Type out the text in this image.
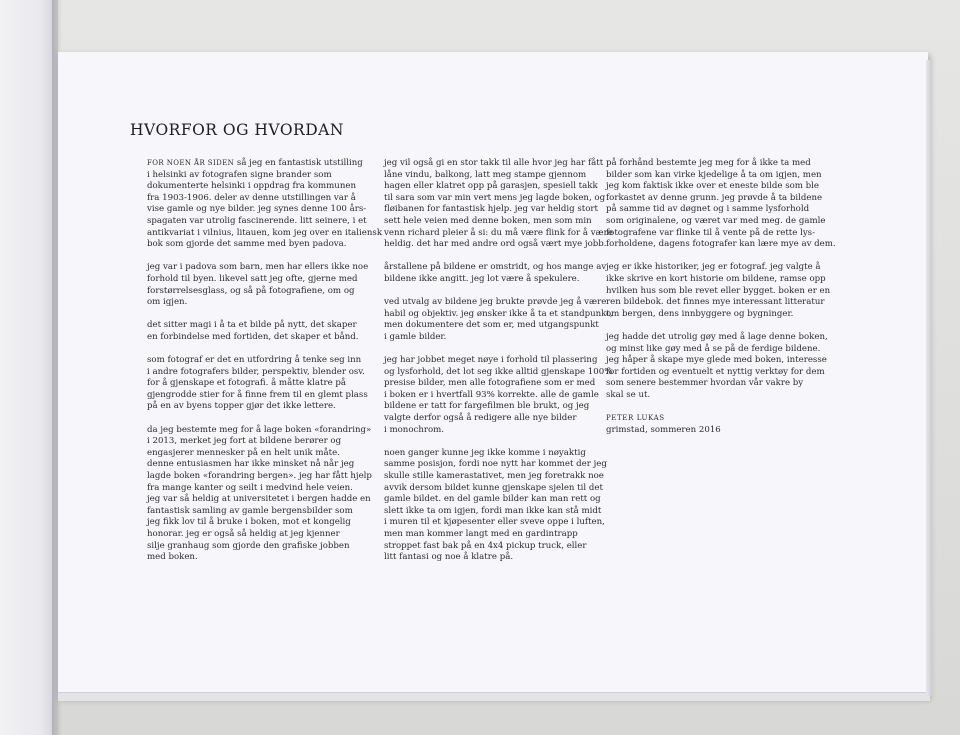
HVORFOR OG HVORDAN

FOR NOEN ÅR SIDEN så jeg en fantastisk utstilling
i helsinki av fotografen signe brander som
dokumenterte helsinki i oppdrag fra kommunen
fra 1903-1906. deler av denne utstillingen var å
vise gamle og nye bilder. jeg synes denne 100 års-
spagaten var utrolig fascinerende. litt seinere, i et
antikvariat i vilnius, litauen, kom jeg over en italiensk
bok som gjorde det samme med byen padova.

jeg var i padova som barn, men har ellers ikke noe
forhold til byen. likevel satt jeg ofte, gjerne med
forstørrelsesglass, og så på fotografiene, om og
om igjen.

det sitter magi i å ta et bilde på nytt, det skaper
en forbindelse med fortiden, det skaper et bånd.

som fotograf er det en utfordring å tenke seg inn
i andre fotografers bilder, perspektiv, blender osv.
for å gjenskape et fotografi. å måtte klatre på
gjengrodde stier for å finne frem til en glemt plass
på en av byens topper gjør det ikke lettere.

da jeg bestemte meg for å lage boken «forandring»
i 2013, merket jeg fort at bildene berører og
engasjerer mennesker på en helt unik måte.
denne entusiasmen har ikke minsket nå når jeg
lagde boken «forandring bergen». jeg har fått hjelp
fra mange kanter og seilt i medvind hele veien.
jeg var så heldig at universitetet i bergen hadde en
fantastisk samling av gamle bergensbilder som
jeg fikk lov til å bruke i boken, mot et kongelig
honorar. jeg er også så heldig at jeg kjenner
silje granhaug som gjorde den grafiske jobben
med boken.

jeg vil også gi en stor takk til alle hvor jeg har fått
låne vindu, balkong, latt meg stampe gjennom
hagen eller klatret opp på garasjen, spesiell takk
til sara som var min vert mens jeg lagde boken, og
fløibanen for fantastisk hjelp. jeg var heldig stort
sett hele veien med denne boken, men som min
venn richard pleier å si: du må være flink for å være
heldig. det har med andre ord også vært mye jobb.

årstallene på bildene er omstridt, og hos mange av
bildene ikke angitt. jeg lot være å spekulere.

ved utvalg av bildene jeg brukte prøvde jeg å være
habil og objektiv. jeg ønsker ikke å ta et standpunkt,
men dokumentere det som er, med utgangspunkt
i gamle bilder.

jeg har jobbet meget nøye i forhold til plassering
og lysforhold, det lot seg ikke alltid gjenskape 100%
presise bilder, men alle fotografiene som er med
i boken er i hvertfall 93% korrekte. alle de gamle
bildene er tatt for fargefilmen ble brukt, og jeg
valgte derfor også å redigere alle nye bilder
i monochrom.

noen ganger kunne jeg ikke komme i nøyaktig
samme posisjon, fordi noe nytt har kommet der jeg
skulle stille kamerastativet, men jeg foretrakk noe
avvik dersom bildet kunne gjenskape sjelen til det
gamle bildet. en del gamle bilder kan man rett og
slett ikke ta om igjen, fordi man ikke kan stå midt
i muren til et kjøpesenter eller sveve oppe i luften,
men man kommer langt med en gardintrapp
stroppet fast bak på en 4x4 pickup truck, eller
litt fantasi og noe å klatre på.

på forhånd bestemte jeg meg for å ikke ta med
bilder som kan virke kjedelige å ta om igjen, men
jeg kom faktisk ikke over et eneste bilde som ble
forkastet av denne grunn. jeg prøvde å ta bildene
på samme tid av døgnet og i samme lysforhold
som originalene, og været var med meg. de gamle
fotografene var flinke til å vente på de rette lys-
forholdene, dagens fotografer kan lære mye av dem.

jeg er ikke historiker, jeg er fotograf. jeg valgte å
ikke skrive en kort historie om bildene, ramse opp
hvilken hus som ble revet eller bygget. boken er en
ren bildebok. det finnes mye interessant litteratur
om bergen, dens innbyggere og bygninger.

jeg hadde det utrolig gøy med å lage denne boken,
og minst like gøy med å se på de ferdige bildene.
jeg håper å skape mye glede med boken, interesse
for fortiden og eventuelt et nyttig verktøy for dem
som senere bestemmer hvordan vår vakre by
skal se ut.

PETER LUKAS
grimstad, sommeren 2016
